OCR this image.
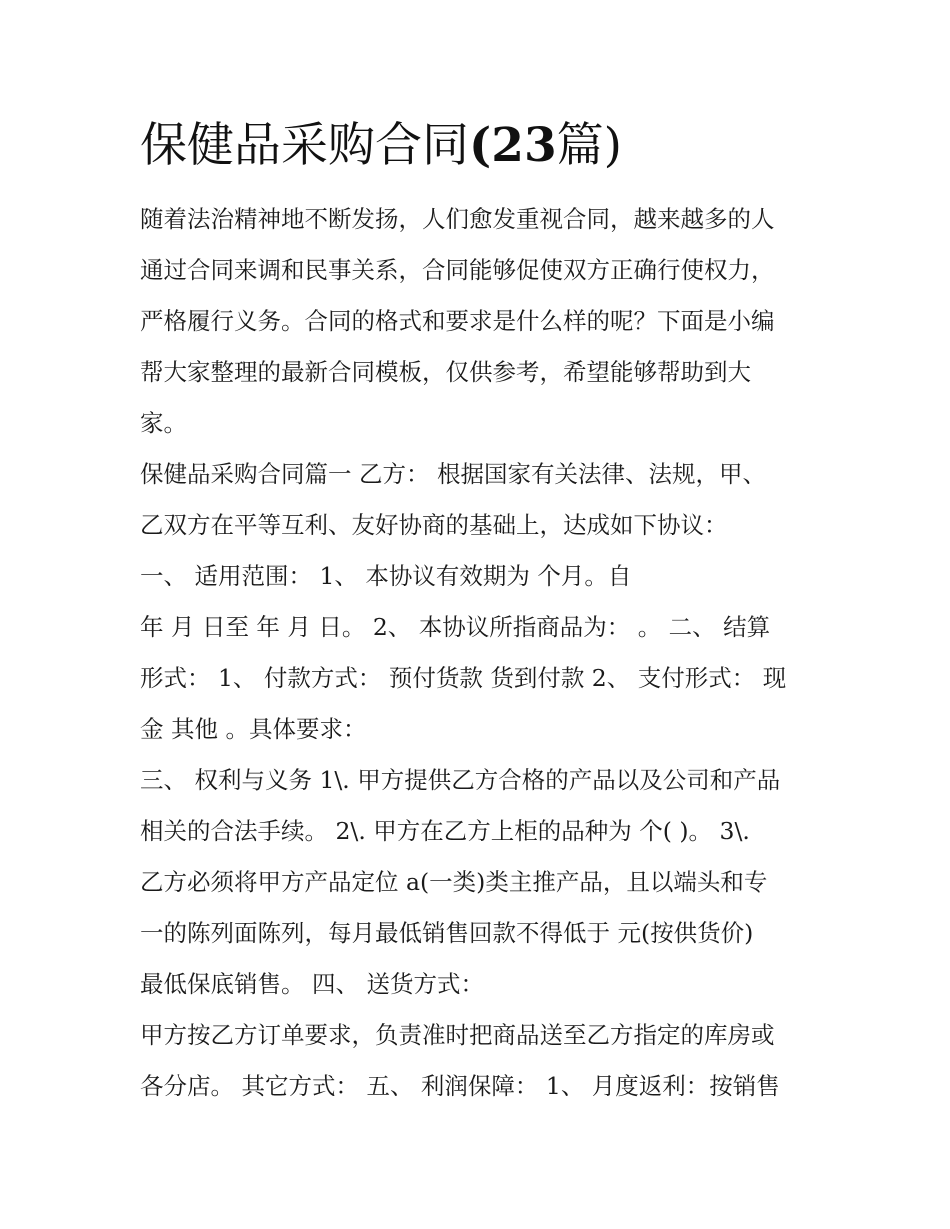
保健品采购合同(23篇)

随着法治精神地不断发扬，人们愈发重视合同，越来越多的人

通过合同来调和民事关系，合同能够促使双方正确行使权力，

严格履行义务。合同的格式和要求是什么样的呢？下面是小编

帮大家整理的最新合同模板，仅供参考，希望能够帮助到大

家。

保健品采购合同篇一 乙方： 根据国家有关法律、法规，甲、

乙双方在平等互利、友好协商的基础上，达成如下协议：

一、 适用范围： 1、 本协议有效期为 个月。自

年 月 日至 年 月 日。 2、 本协议所指商品为： 。 二、 结算

形式： 1、 付款方式： 预付货款 货到付款 2、 支付形式： 现

金 其他 。具体要求：

三、 权利与义务 1\. 甲方提供乙方合格的产品以及公司和产品

相关的合法手续。 2\. 甲方在乙方上柜的品种为 个( )。 3\.

乙方必须将甲方产品定位 a(一类)类主推产品，且以端头和专

一的陈列面陈列，每月最低销售回款不得低于 元(按供货价)

最低保底销售。 四、 送货方式：

甲方按乙方订单要求，负责准时把商品送至乙方指定的库房或

各分店。 其它方式： 五、 利润保障： 1、 月度返利：按销售
